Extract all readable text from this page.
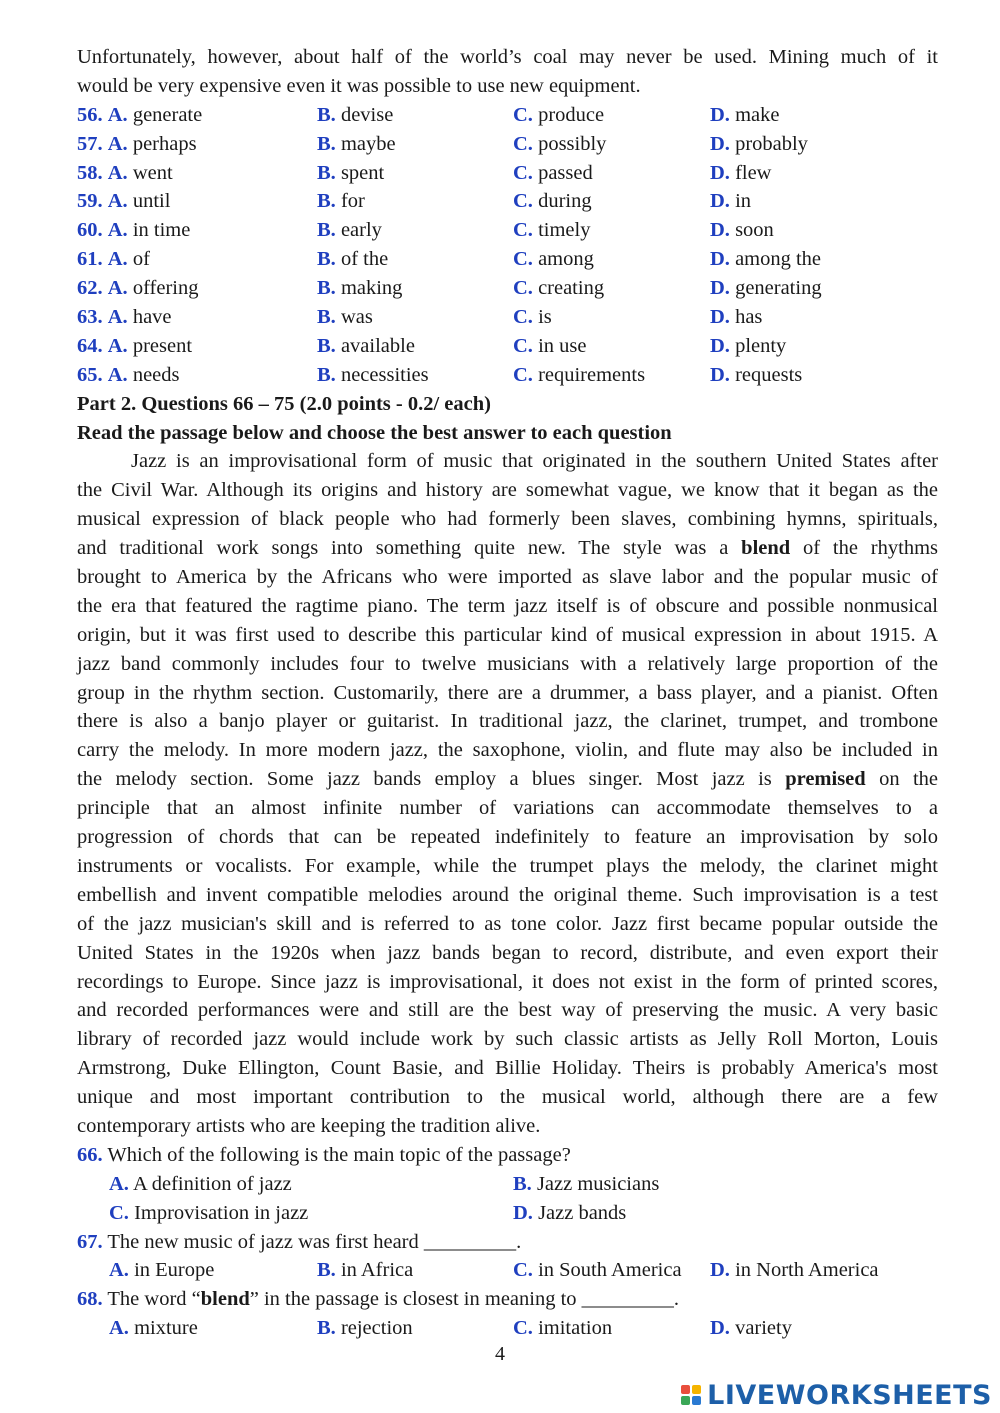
Unfortunately, however, about half of the world’s coal may never be used. Mining much of it
would be very expensive even it was possible to use new equipment.
56. A. generate	B. devise	C. produce	D. make
57. A. perhaps	B. maybe	C. possibly	D. probably
58. A. went	B. spent	C. passed	D. flew
59. A. until	B. for	C. during	D. in
60. A. in time	B. early	C. timely	D. soon
61. A. of	B. of the	C. among	D. among the
62. A. offering	B. making	C. creating	D. generating
63. A. have	B. was	C. is	D. has
64. A. present	B. available	C. in use	D. plenty
65. A. needs	B. necessities	C. requirements	D. requests
Part 2. Questions 66 – 75 (2.0 points - 0.2/ each)
Read the passage below and choose the best answer to each question
Jazz is an improvisational form of music that originated in the southern United States after
the Civil War. Although its origins and history are somewhat vague, we know that it began as the
musical expression of black people who had formerly been slaves, combining hymns, spirituals,
and traditional work songs into something quite new. The style was a blend of the rhythms
brought to America by the Africans who were imported as slave labor and the popular music of
the era that featured the ragtime piano. The term jazz itself is of obscure and possible nonmusical
origin, but it was first used to describe this particular kind of musical expression in about 1915. A
jazz band commonly includes four to twelve musicians with a relatively large proportion of the
group in the rhythm section. Customarily, there are a drummer, a bass player, and a pianist. Often
there is also a banjo player or guitarist. In traditional jazz, the clarinet, trumpet, and trombone
carry the melody. In more modern jazz, the saxophone, violin, and flute may also be included in
the melody section. Some jazz bands employ a blues singer. Most jazz is premised on the
principle that an almost infinite number of variations can accommodate themselves to a
progression of chords that can be repeated indefinitely to feature an improvisation by solo
instruments or vocalists. For example, while the trumpet plays the melody, the clarinet might
embellish and invent compatible melodies around the original theme. Such improvisation is a test
of the jazz musician's skill and is referred to as tone color. Jazz first became popular outside the
United States in the 1920s when jazz bands began to record, distribute, and even export their
recordings to Europe. Since jazz is improvisational, it does not exist in the form of printed scores,
and recorded performances were and still are the best way of preserving the music. A very basic
library of recorded jazz would include work by such classic artists as Jelly Roll Morton, Louis
Armstrong, Duke Ellington, Count Basie, and Billie Holiday. Theirs is probably America's most
unique and most important contribution to the musical world, although there are a few
contemporary artists who are keeping the tradition alive.
66. Which of the following is the main topic of the passage?
A. A definition of jazz	B. Jazz musicians
C. Improvisation in jazz	D. Jazz bands
67. The new music of jazz was first heard _________.
A. in Europe	B. in Africa	C. in South America D. in North America
68. The word “blend” in the passage is closest in meaning to _________.
A. mixture	B. rejection	C. imitation	D. variety
4
LIVEWORKSHEETS
